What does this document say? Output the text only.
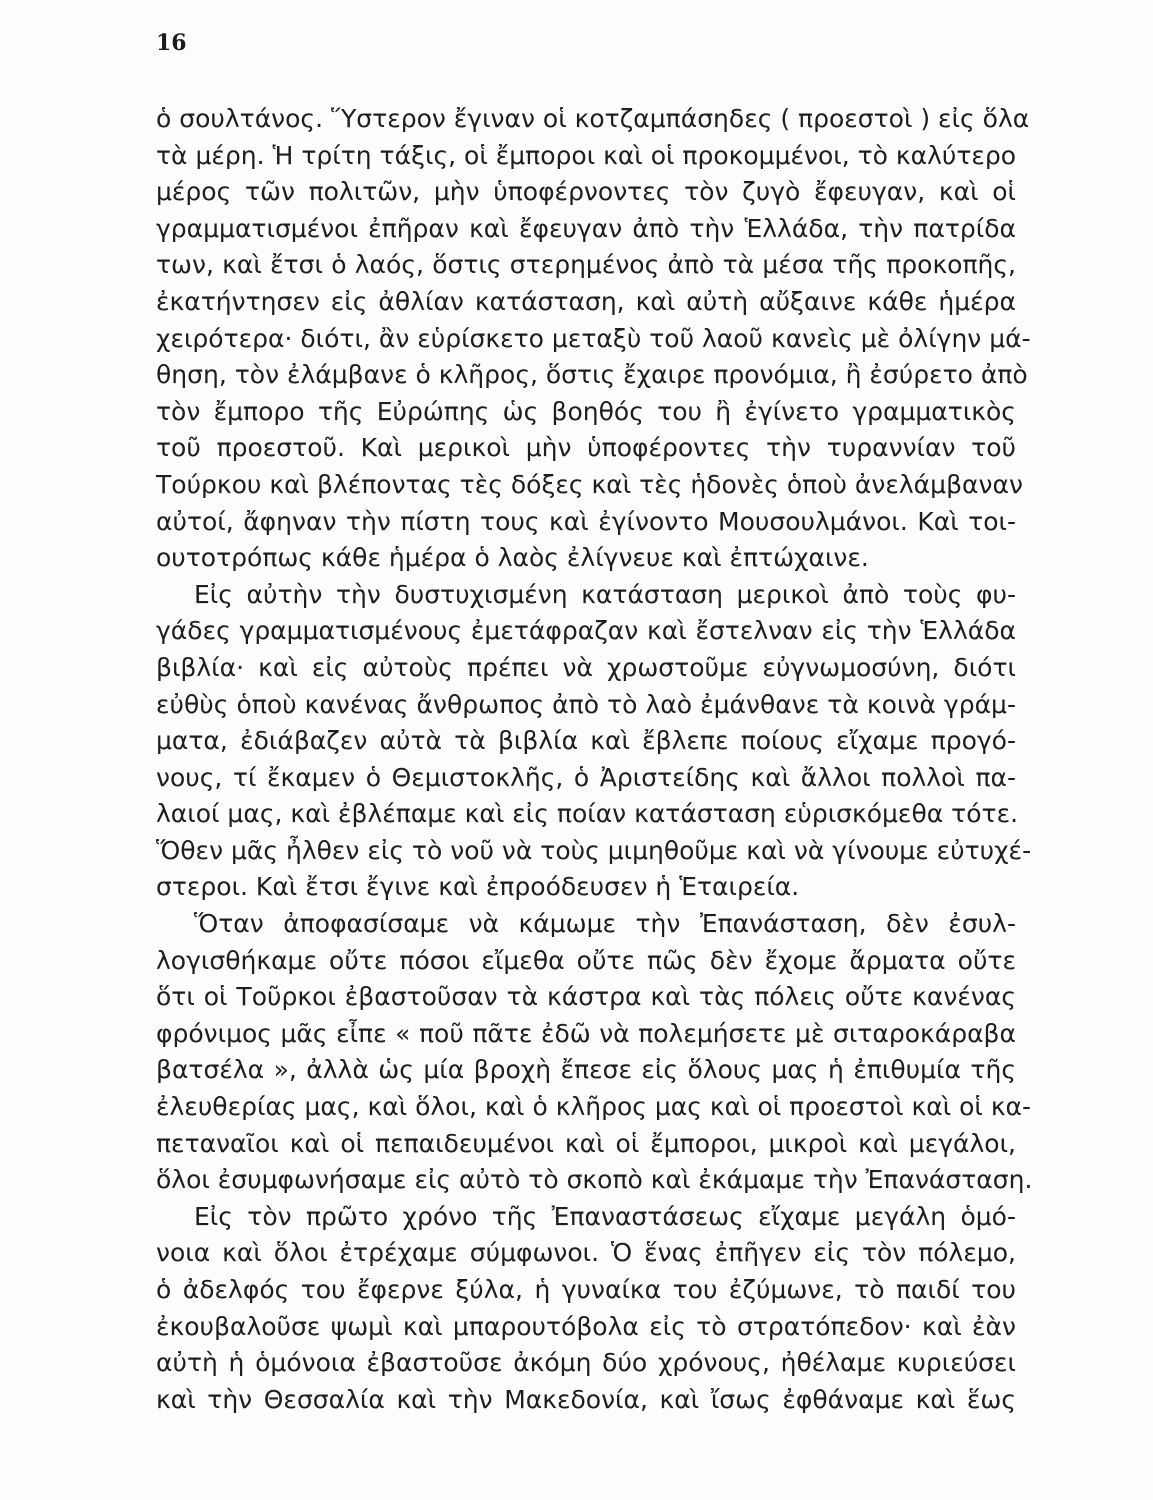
16
ὁ σουλτάνος. Ὕστερον ἔγιναν οἱ κοτζαμπάσηδες ( προεστοὶ ) εἰς ὅλα
τὰ μέρη. Ἡ τρίτη τάξις, οἱ ἔμποροι καὶ οἱ προκομμένοι, τὸ καλύτερο
μέρος τῶν πολιτῶν, μὴν ὑποφέρνοντες τὸν ζυγὸ ἔφευγαν, καὶ οἱ
γραμματισμένοι ἐπῆραν καὶ ἔφευγαν ἀπὸ τὴν Ἑλλάδα, τὴν πατρίδα
των, καὶ ἔτσι ὁ λαός, ὅστις στερημένος ἀπὸ τὰ μέσα τῆς προκοπῆς,
ἐκατήντησεν εἰς ἀθλίαν κατάσταση, καὶ αὐτὴ αὔξαινε κάθε ἡμέρα
χειρότερα· διότι, ἂν εὑρίσκετο μεταξὺ τοῦ λαοῦ κανεὶς μὲ ὀλίγην μά-
θηση, τὸν ἐλάμβανε ὁ κλῆρος, ὅστις ἔχαιρε προνόμια, ἢ ἐσύρετο ἀπὸ
τὸν ἔμπορο τῆς Εὐρώπης ὡς βοηθός του ἢ ἐγίνετο γραμματικὸς
τοῦ προεστοῦ. Καὶ μερικοὶ μὴν ὑποφέροντες τὴν τυραννίαν τοῦ
Τούρκου καὶ βλέποντας τὲς δόξες καὶ τὲς ἡδονὲς ὁποὺ ἀνελάμβαναν
αὐτοί, ἄφηναν τὴν πίστη τους καὶ ἐγίνοντο Μουσουλμάνοι. Καὶ τοι-
ουτοτρόπως κάθε ἡμέρα ὁ λαὸς ἐλίγνευε καὶ ἐπτώχαινε.
Εἰς αὐτὴν τὴν δυστυχισμένη κατάσταση μερικοὶ ἀπὸ τοὺς φυ-
γάδες γραμματισμένους ἐμετάφραζαν καὶ ἔστελναν εἰς τὴν Ἑλλάδα
βιβλία· καὶ εἰς αὐτοὺς πρέπει νὰ χρωστοῦμε εὐγνωμοσύνη, διότι
εὐθὺς ὁποὺ κανένας ἄνθρωπος ἀπὸ τὸ λαὸ ἐμάνθανε τὰ κοινὰ γράμ-
ματα, ἐδιάβαζεν αὐτὰ τὰ βιβλία καὶ ἔβλεπε ποίους εἴχαμε προγό-
νους, τί ἔκαμεν ὁ Θεμιστοκλῆς, ὁ Ἀριστείδης καὶ ἄλλοι πολλοὶ πα-
λαιοί μας, καὶ ἐβλέπαμε καὶ εἰς ποίαν κατάσταση εὑρισκόμεθα τότε.
Ὅθεν μᾶς ἦλθεν εἰς τὸ νοῦ νὰ τοὺς μιμηθοῦμε καὶ νὰ γίνουμε εὐτυχέ-
στεροι. Καὶ ἔτσι ἔγινε καὶ ἐπροόδευσεν ἡ Ἑταιρεία.
Ὅταν ἀποφασίσαμε νὰ κάμωμε τὴν Ἐπανάσταση, δὲν ἐσυλ-
λογισθήκαμε οὔτε πόσοι εἴμεθα οὔτε πῶς δὲν ἔχομε ἄρματα οὔτε
ὅτι οἱ Τοῦρκοι ἐβαστοῦσαν τὰ κάστρα καὶ τὰς πόλεις οὔτε κανένας
φρόνιμος μᾶς εἶπε « ποῦ πᾶτε ἐδῶ νὰ πολεμήσετε μὲ σιταροκάραβα
βατσέλα », ἀλλὰ ὡς μία βροχὴ ἔπεσε εἰς ὅλους μας ἡ ἐπιθυμία τῆς
ἐλευθερίας μας, καὶ ὅλοι, καὶ ὁ κλῆρος μας καὶ οἱ προεστοὶ καὶ οἱ κα-
πεταναῖοι καὶ οἱ πεπαιδευμένοι καὶ οἱ ἔμποροι, μικροὶ καὶ μεγάλοι,
ὅλοι ἐσυμφωνήσαμε εἰς αὐτὸ τὸ σκοπὸ καὶ ἐκάμαμε τὴν Ἐπανάσταση.
Εἰς τὸν πρῶτο χρόνο τῆς Ἐπαναστάσεως εἴχαμε μεγάλη ὁμό-
νοια καὶ ὅλοι ἐτρέχαμε σύμφωνοι. Ὁ ἕνας ἐπῆγεν εἰς τὸν πόλεμο,
ὁ ἀδελφός του ἔφερνε ξύλα, ἡ γυναίκα του ἐζύμωνε, τὸ παιδί του
ἐκουβαλοῦσε ψωμὶ καὶ μπαρουτόβολα εἰς τὸ στρατόπεδον· καὶ ἐὰν
αὐτὴ ἡ ὁμόνοια ἐβαστοῦσε ἀκόμη δύο χρόνους, ἠθέλαμε κυριεύσει
καὶ τὴν Θεσσαλία καὶ τὴν Μακεδονία, καὶ ἴσως ἐφθάναμε καὶ ἕως
